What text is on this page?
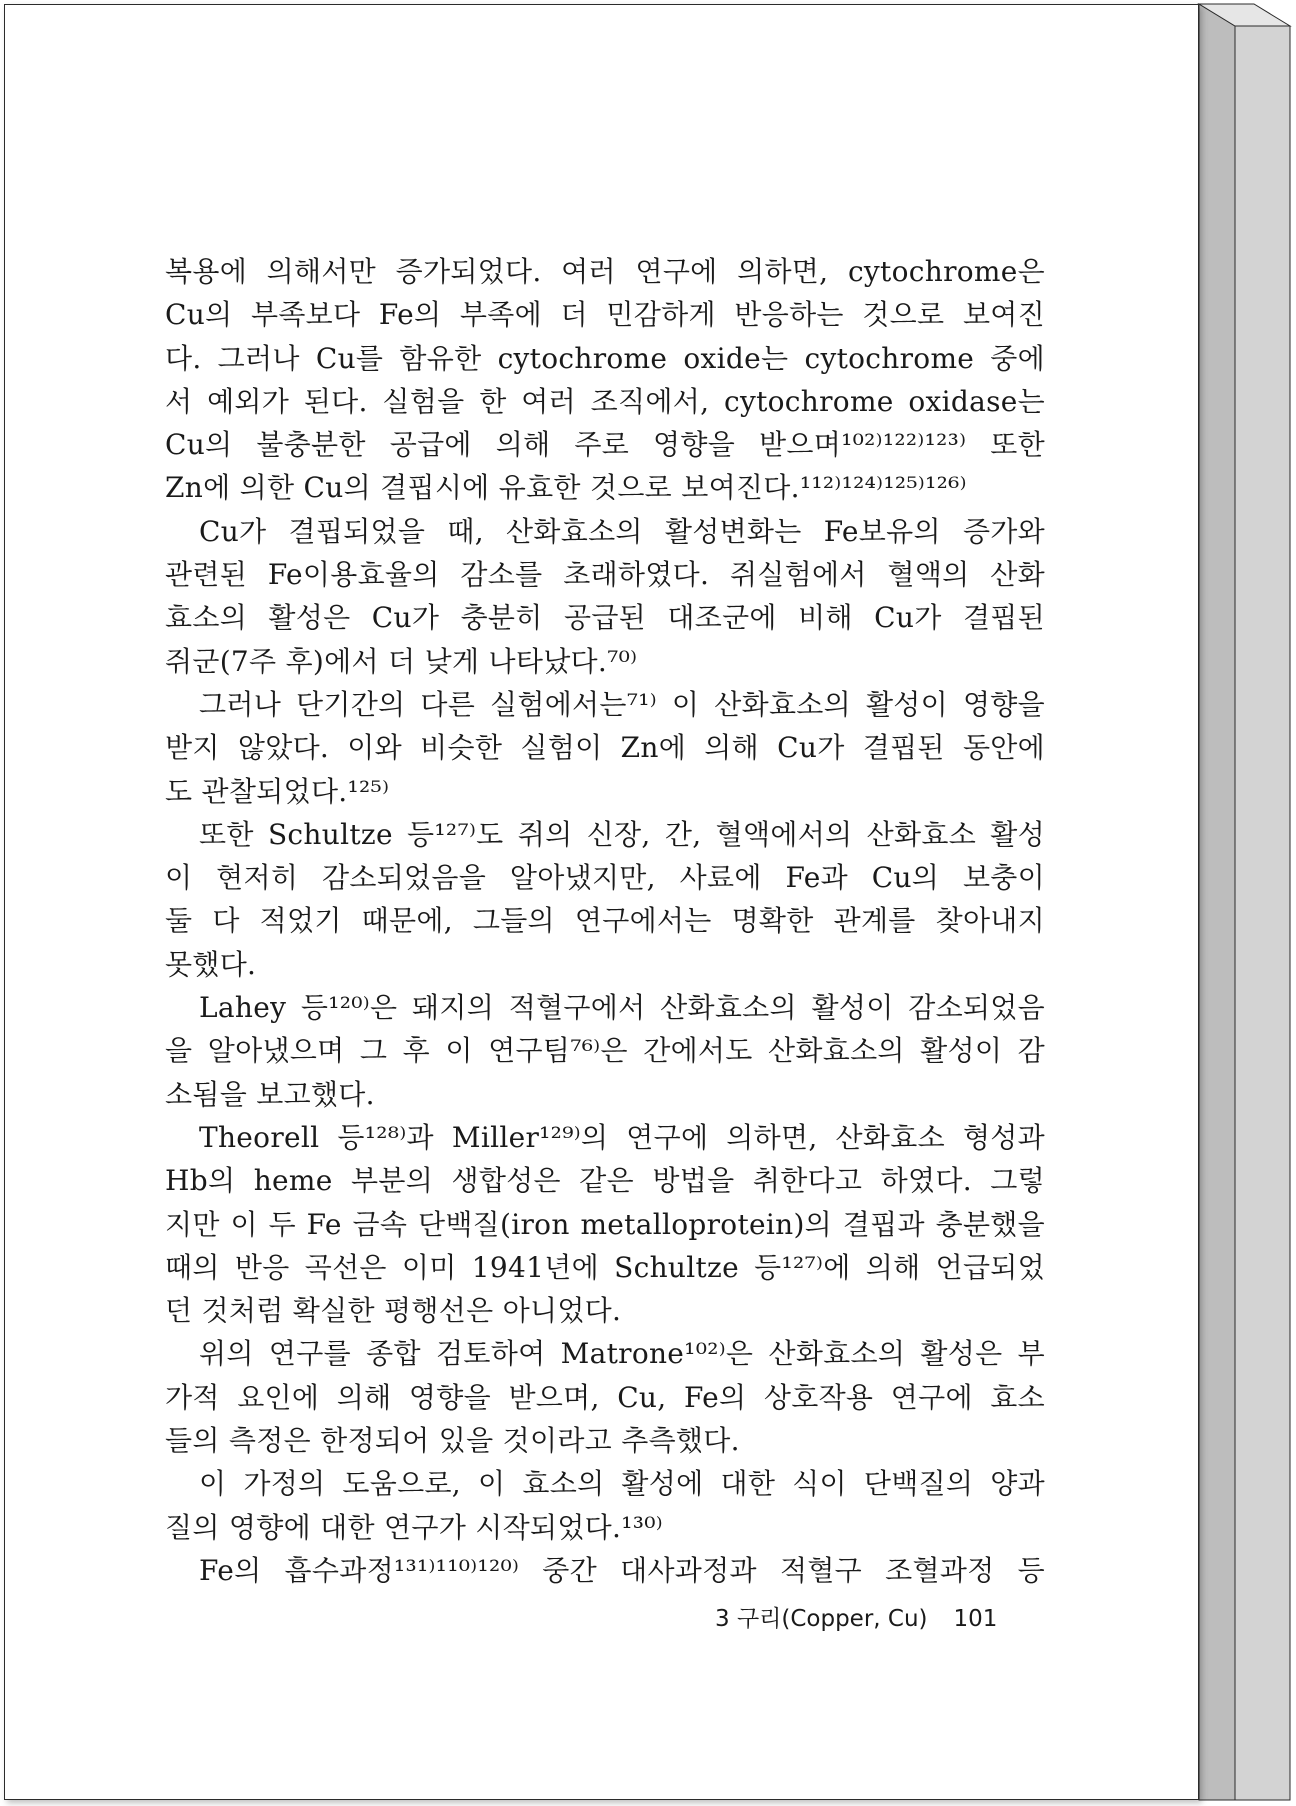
복용에 의해서만 증가되었다. 여러 연구에 의하면, cytochrome은
Cu의 부족보다 Fe의 부족에 더 민감하게 반응하는 것으로 보여진
다. 그러나 Cu를 함유한 cytochrome oxide는 cytochrome 중에
서 예외가 된다. 실험을 한 여러 조직에서, cytochrome oxidase는
Cu의 불충분한 공급에 의해 주로 영향을 받으며¹⁰²⁾¹²²⁾¹²³⁾ 또한
Zn에 의한 Cu의 결핍시에 유효한 것으로 보여진다.¹¹²⁾¹²⁴⁾¹²⁵⁾¹²⁶⁾
Cu가 결핍되었을 때, 산화효소의 활성변화는 Fe보유의 증가와
관련된 Fe이용효율의 감소를 초래하였다. 쥐실험에서 혈액의 산화
효소의 활성은 Cu가 충분히 공급된 대조군에 비해 Cu가 결핍된
쥐군(7주 후)에서 더 낮게 나타났다.⁷⁰⁾
그러나 단기간의 다른 실험에서는⁷¹⁾ 이 산화효소의 활성이 영향을
받지 않았다. 이와 비슷한 실험이 Zn에 의해 Cu가 결핍된 동안에
도 관찰되었다.¹²⁵⁾
또한 Schultze 등¹²⁷⁾도 쥐의 신장, 간, 혈액에서의 산화효소 활성
이 현저히 감소되었음을 알아냈지만, 사료에 Fe과 Cu의 보충이
둘 다 적었기 때문에, 그들의 연구에서는 명확한 관계를 찾아내지
못했다.
Lahey 등¹²⁰⁾은 돼지의 적혈구에서 산화효소의 활성이 감소되었음
을 알아냈으며 그 후 이 연구팀⁷⁶⁾은 간에서도 산화효소의 활성이 감
소됨을 보고했다.
Theorell 등¹²⁸⁾과 Miller¹²⁹⁾의 연구에 의하면, 산화효소 형성과
Hb의 heme 부분의 생합성은 같은 방법을 취한다고 하였다. 그렇
지만 이 두 Fe 금속 단백질(iron metalloprotein)의 결핍과 충분했을
때의 반응 곡선은 이미 1941년에 Schultze 등¹²⁷⁾에 의해 언급되었
던 것처럼 확실한 평행선은 아니었다.
위의 연구를 종합 검토하여 Matrone¹⁰²⁾은 산화효소의 활성은 부
가적 요인에 의해 영향을 받으며, Cu, Fe의 상호작용 연구에 효소
들의 측정은 한정되어 있을 것이라고 추측했다.
이 가정의 도움으로, 이 효소의 활성에 대한 식이 단백질의 양과
질의 영향에 대한 연구가 시작되었다.¹³⁰⁾
Fe의 흡수과정¹³¹⁾¹¹⁰⁾¹²⁰⁾ 중간 대사과정과 적혈구 조혈과정 등
3 구리(Copper, Cu) 101
